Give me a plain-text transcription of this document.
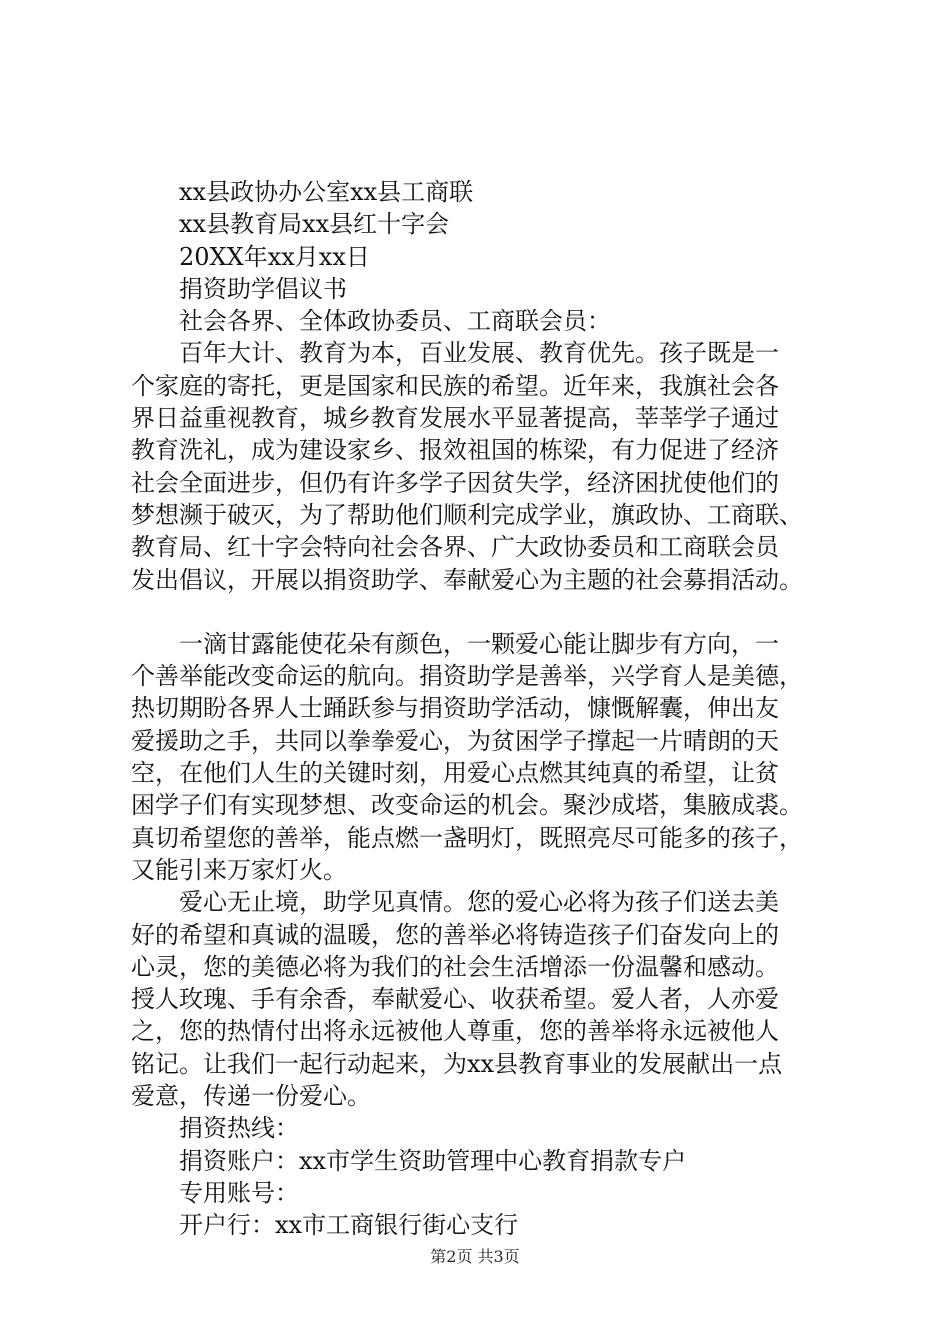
xx县政协办公室xx县工商联
xx县教育局xx县红十字会
20XX年xx月xx日
捐资助学倡议书
社会各界、全体政协委员、工商联会员：
百年大计、教育为本，百业发展、教育优先。孩子既是一
个家庭的寄托，更是国家和民族的希望。近年来，我旗社会各
界日益重视教育，城乡教育发展水平显著提高，莘莘学子通过
教育洗礼，成为建设家乡、报效祖国的栋梁，有力促进了经济
社会全面进步，但仍有许多学子因贫失学，经济困扰使他们的
梦想濒于破灭，为了帮助他们顺利完成学业，旗政协、工商联、
教育局、红十字会特向社会各界、广大政协委员和工商联会员
发出倡议，开展以捐资助学、奉献爱心为主题的社会募捐活动。
一滴甘露能使花朵有颜色，一颗爱心能让脚步有方向，一
个善举能改变命运的航向。捐资助学是善举，兴学育人是美德，
热切期盼各界人士踊跃参与捐资助学活动，慷慨解囊，伸出友
爱援助之手，共同以拳拳爱心，为贫困学子撑起一片晴朗的天
空，在他们人生的关键时刻，用爱心点燃其纯真的希望，让贫
困学子们有实现梦想、改变命运的机会。聚沙成塔，集腋成裘。
真切希望您的善举，能点燃一盏明灯，既照亮尽可能多的孩子，
又能引来万家灯火。
爱心无止境，助学见真情。您的爱心必将为孩子们送去美
好的希望和真诚的温暖，您的善举必将铸造孩子们奋发向上的
心灵，您的美德必将为我们的社会生活增添一份温馨和感动。
授人玫瑰、手有余香，奉献爱心、收获希望。爱人者，人亦爱
之，您的热情付出将永远被他人尊重，您的善举将永远被他人
铭记。让我们一起行动起来，为xx县教育事业的发展献出一点
爱意，传递一份爱心。
捐资热线：
捐资账户：xx市学生资助管理中心教育捐款专户
专用账号：
开户行：xx市工商银行街心支行
第2页 共3页
